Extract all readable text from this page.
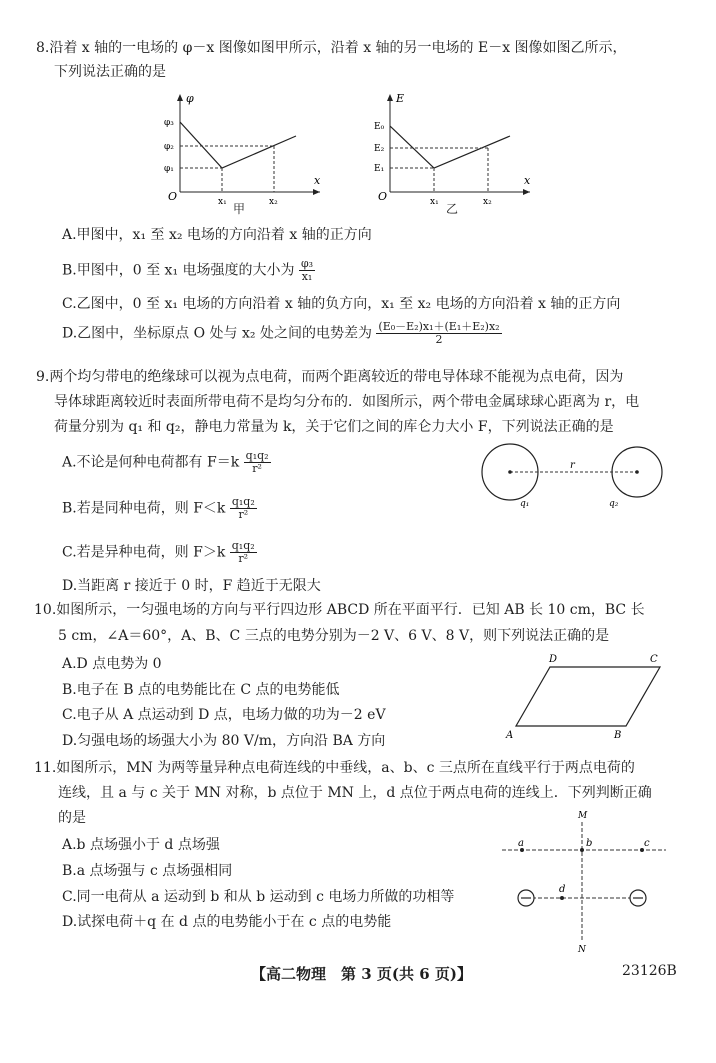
8.沿着 x 轴的一电场的 φ－x 图像如图甲所示，沿着 x 轴的另一电场的 E－x 图像如图乙所示，
下列说法正确的是
φ
x
O
φ₃
φ₂
φ₁
x₁	x₂
甲
E
x
O
E₀
E₂
E₁
x₁	x₂
乙
A.甲图中，x₁ 至 x₂ 电场的方向沿着 x 轴的正方向
B.甲图中，0 至 x₁ 电场强度的大小为 $\frac{\text{φ₃}}{\text{x₁}}$
C.乙图中，0 至 x₁ 电场的方向沿着 x 轴的负方向，x₁ 至 x₂ 电场的方向沿着 x 轴的正方向
D.乙图中，坐标原点 O 处与 x₂ 处之间的电势差为 $\frac{\text{(E₀－E₂)x₁＋(E₁＋E₂)x₂}}{2}$
9.两个均匀带电的绝缘球可以视为点电荷，而两个距离较近的带电导体球不能视为点电荷，因为
导体球距离较近时表面所带电荷不是均匀分布的．如图所示，两个带电金属球球心距离为 r，电
荷量分别为 q₁ 和 q₂，静电力常量为 k，关于它们之间的库仑力大小 F，下列说法正确的是
A.不论是何种电荷都有 $F=k \frac{\text{q₁q₂}}{\text{r²}}$
B.若是同种电荷，则 $F<k \frac{\text{q₁q₂}}{\text{r²}}$
C.若是异种电荷，则 $F>k \frac{\text{q₁q₂}}{\text{r²}}$
D.当距离 r 接近于 0 时，F 趋近于无限大
r
q₁	q₂
10.如图所示，一匀强电场的方向与平行四边形 ABCD 所在平面平行．已知 AB 长 10 cm，BC 长
5 cm，∠A＝60°，A、B、C 三点的电势分别为－2 V、6 V、8 V，则下列说法正确的是
A.D 点电势为 0
B.电子在 B 点的电势能比在 C 点的电势能低
C.电子从 A 点运动到 D 点，电场力做的功为－2 eV
D.匀强电场的场强大小为 80 V/m，方向沿 BA 方向	A	B
C
D
11.如图所示，MN 为两等量异种点电荷连线的中垂线，a、b、c 三点所在直线平行于两点电荷的
连线，且 a 与 c 关于 MN 对称，b 点位于 MN 上，d 点位于两点电荷的连线上．下列判断正确
的是
A.b 点场强小于 d 点场强
B.a 点场强与 c 点场强相同
C.同一电荷从 a 运动到 b 和从 b 运动到 c 电场力所做的功相等
D.试探电荷＋q 在 d 点的电势能小于在 c 点的电势能
M
N
a	b	c
d
【高二物理　第 3 页(共 6 页)】	23126B
